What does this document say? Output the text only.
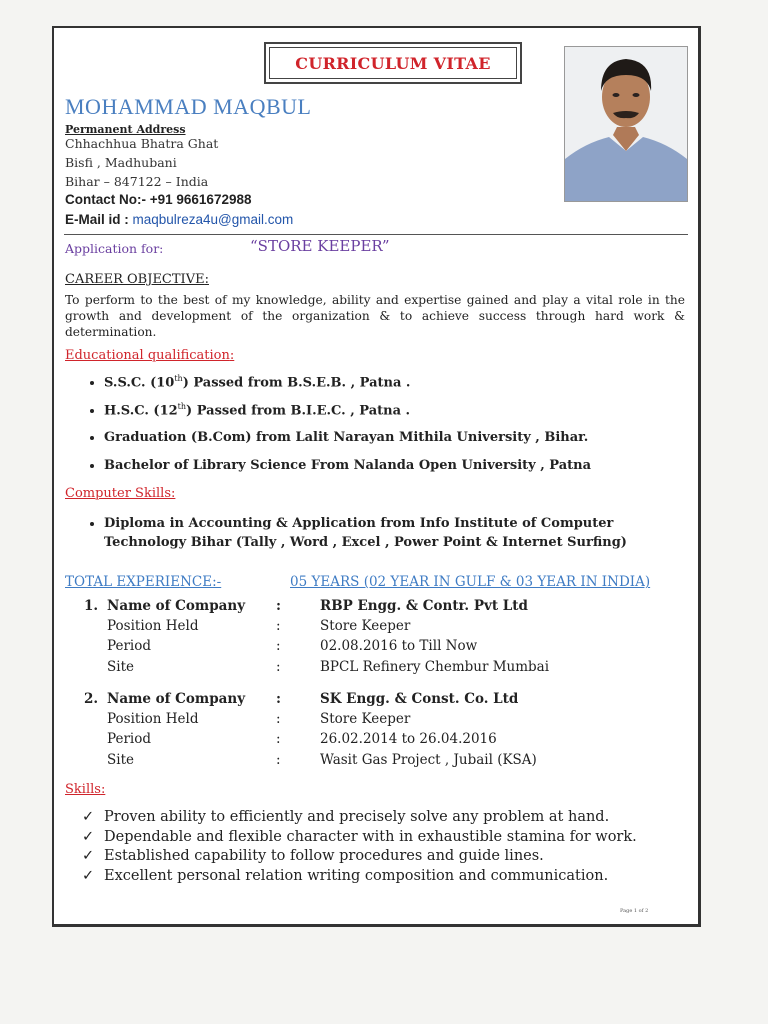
CURRICULUM VITAE
MOHAMMAD MAQBUL
Permanent Address
Chhachhua Bhatra Ghat
Bisfi , Madhubani
Bihar – 847122 – India
Contact No:- +91 9661672988
E-Mail id : maqbulreza4u@gmail.com
Application for:	“STORE KEEPER”
CAREER OBJECTIVE:
To perform to the best of my knowledge, ability and expertise gained and play a vital role in the growth and development of the organization & to achieve success through hard work & determination.
Educational qualification:
• S.S.C. (10th) Passed from B.S.E.B. , Patna .
• H.S.C. (12th) Passed from B.I.E.C. , Patna .
• Graduation (B.Com) from Lalit Narayan Mithila University , Bihar.
• Bachelor of Library Science From Nalanda Open University , Patna
Computer Skills:
• Diploma in Accounting & Application from Info Institute of Computer Technology Bihar (Tally , Word , Excel , Power Point & Internet Surfing)
TOTAL EXPERIENCE:-	05 YEARS (02 YEAR IN GULF & 03 YEAR IN INDIA)
1. Name of Company :	RBP Engg. & Contr. Pvt Ltd
Position Held	:	Store Keeper
Period	:	02.08.2016 to Till Now
Site	:	BPCL Refinery Chembur Mumbai
2. Name of Company :	SK Engg. & Const. Co. Ltd
Position Held	:	Store Keeper
Period	:	26.02.2014 to 26.04.2016
Site	:	Wasit Gas Project , Jubail (KSA)
Skills:
✓ Proven ability to efficiently and precisely solve any problem at hand.
✓ Dependable and flexible character with in exhaustible stamina for work.
✓ Established capability to follow procedures and guide lines.
✓ Excellent personal relation writing composition and communication.
Page 1 of 2
